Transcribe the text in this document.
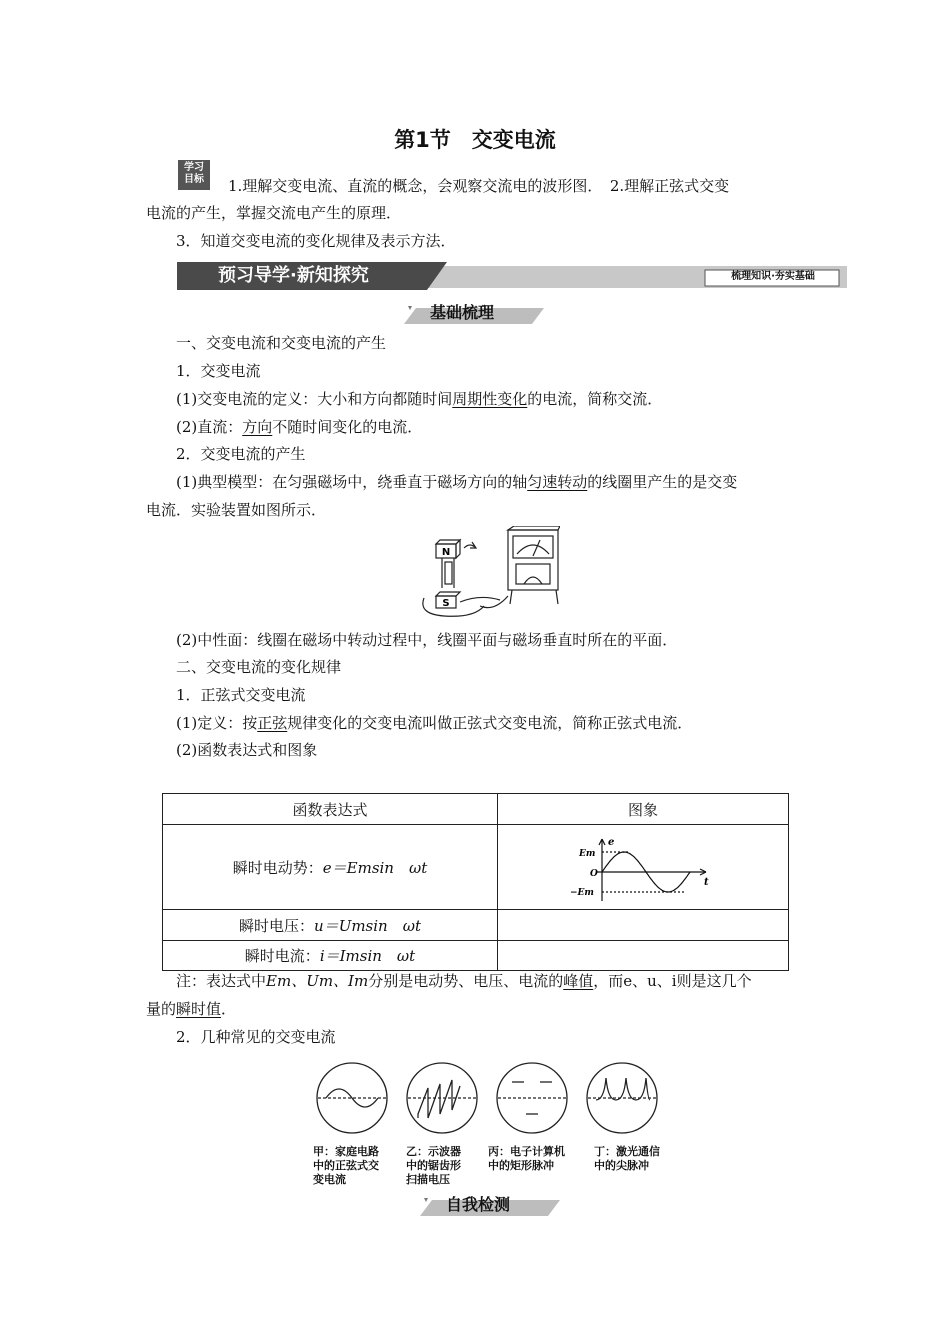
第1节　交变电流
学习
目标	1.理解交变电流、直流的概念，会观察交流电的波形图．　2.理解正弦式交变
电流的产生，掌握交流电产生的原理．
3．知道交变电流的变化规律及表示方法．
预习导学·新知探究	梳理知识·夯实基础
基础梳理
一、交变电流和交变电流的产生
1．交变电流
(1)交变电流的定义：大小和方向都随时间周期性变化的电流，简称交流．
(2)直流：方向不随时间变化的电流．
2．交变电流的产生
(1)典型模型：在匀强磁场中，绕垂直于磁场方向的轴匀速转动的线圈里产生的是交变
电流．实验装置如图所示．
N
S
(2)中性面：线圈在磁场中转动过程中，线圈平面与磁场垂直时所在的平面．
二、交变电流的变化规律
1．正弦式交变电流
(1)定义：按正弦规律变化的交变电流叫做正弦式交变电流，简称正弦式电流．
(2)函数表达式和图象
函数表达式	图象
瞬时电动势：e＝Emsin　ωt	e
t
Em
O
−Em

瞬时电压：u＝Umsin　ωt	
瞬时电流：i＝Imsin　ωt	
注：表达式中Em、Um、Im分别是电动势、电压、电流的峰值，而e、u、i则是这几个
量的瞬时值．
2．几种常见的交变电流
甲：家庭电路
中的正弦式交
变电流
乙：示波器
中的锯齿形
扫描电压
丙：电子计算机
中的矩形脉冲
丁：激光通信
中的尖脉冲
自我检测
